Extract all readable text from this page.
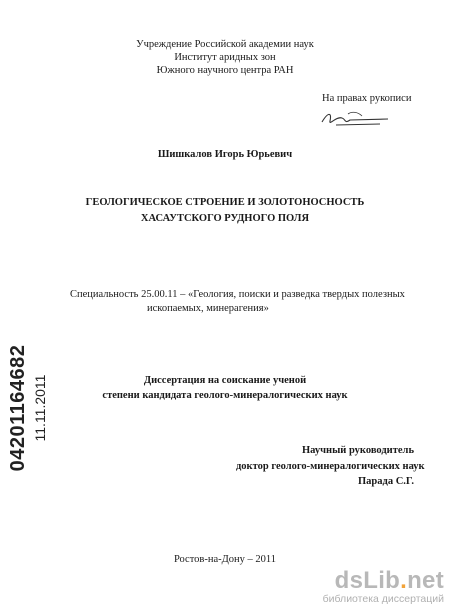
Учреждение Российской академии наук
Институт аридных зон
Южного научного центра РАН
На правах рукописи
Шишкалов Игорь Юрьевич
ГЕОЛОГИЧЕСКОЕ СТРОЕНИЕ И ЗОЛОТОНОСНОСТЬ
ХАСАУТСКОГО РУДНОГО ПОЛЯ
Специальность 25.00.11 – «Геология, поиски и разведка твердых полезных
ископаемых, минерагения»
Диссертация на соискание ученой
степени кандидата геолого-минералогических наук
Научный руководитель
доктор геолого-минералогических наук
Парада С.Г.
Ростов-на-Дону – 2011
04201164682 11.11.2011
dsLib.net
библиотека диссертаций
